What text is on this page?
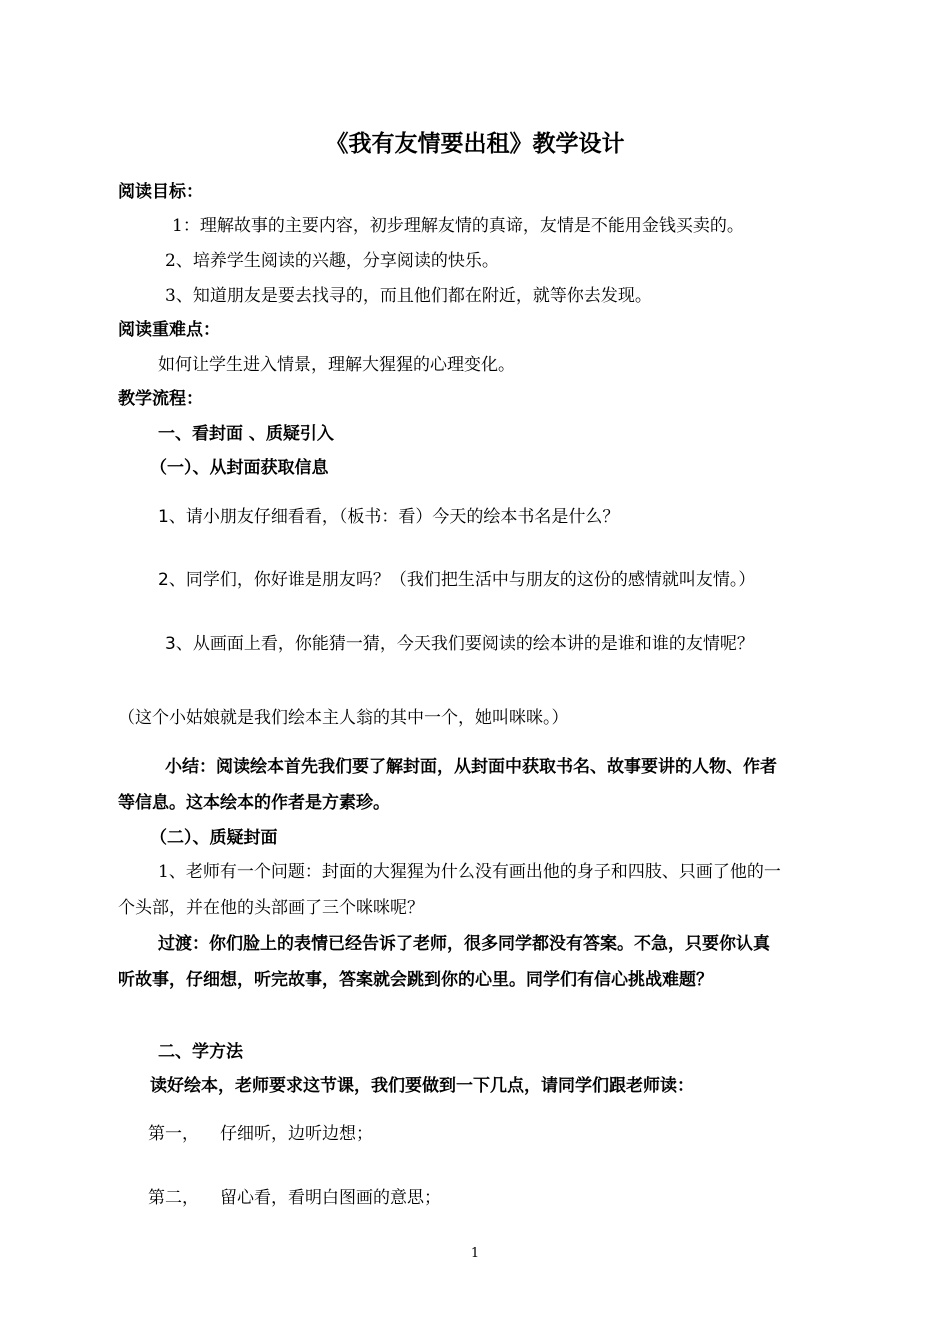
《我有友情要出租》教学设计
阅读目标：
1：理解故事的主要内容，初步理解友情的真谛，友情是不能用金钱买卖的。
2、培养学生阅读的兴趣，分享阅读的快乐。
3、知道朋友是要去找寻的，而且他们都在附近，就等你去发现。
阅读重难点：
如何让学生进入情景，理解大猩猩的心理变化。
教学流程：
一、看封面 、质疑引入
（一）、从封面获取信息
1、请小朋友仔细看看，（板书：看）今天的绘本书名是什么？
2、同学们，你好谁是朋友吗？（我们把生活中与朋友的这份的感情就叫友情。）
3、从画面上看，你能猜一猜，今天我们要阅读的绘本讲的是谁和谁的友情呢？
（这个小姑娘就是我们绘本主人翁的其中一个，她叫咪咪。）
小结：阅读绘本首先我们要了解封面，从封面中获取书名、故事要讲的人物、作者
等信息。这本绘本的作者是方素珍。
（二）、质疑封面
1、老师有一个问题：封面的大猩猩为什么没有画出他的身子和四肢、只画了他的一
个头部，并在他的头部画了三个咪咪呢？
过渡：你们脸上的表情已经告诉了老师，很多同学都没有答案。不急，只要你认真
听故事，仔细想，听完故事，答案就会跳到你的心里。同学们有信心挑战难题？
二、学方法
读好绘本，老师要求这节课，我们要做到一下几点，请同学们跟老师读：
第一， 仔细听，边听边想；
第二， 留心看，看明白图画的意思；
1
